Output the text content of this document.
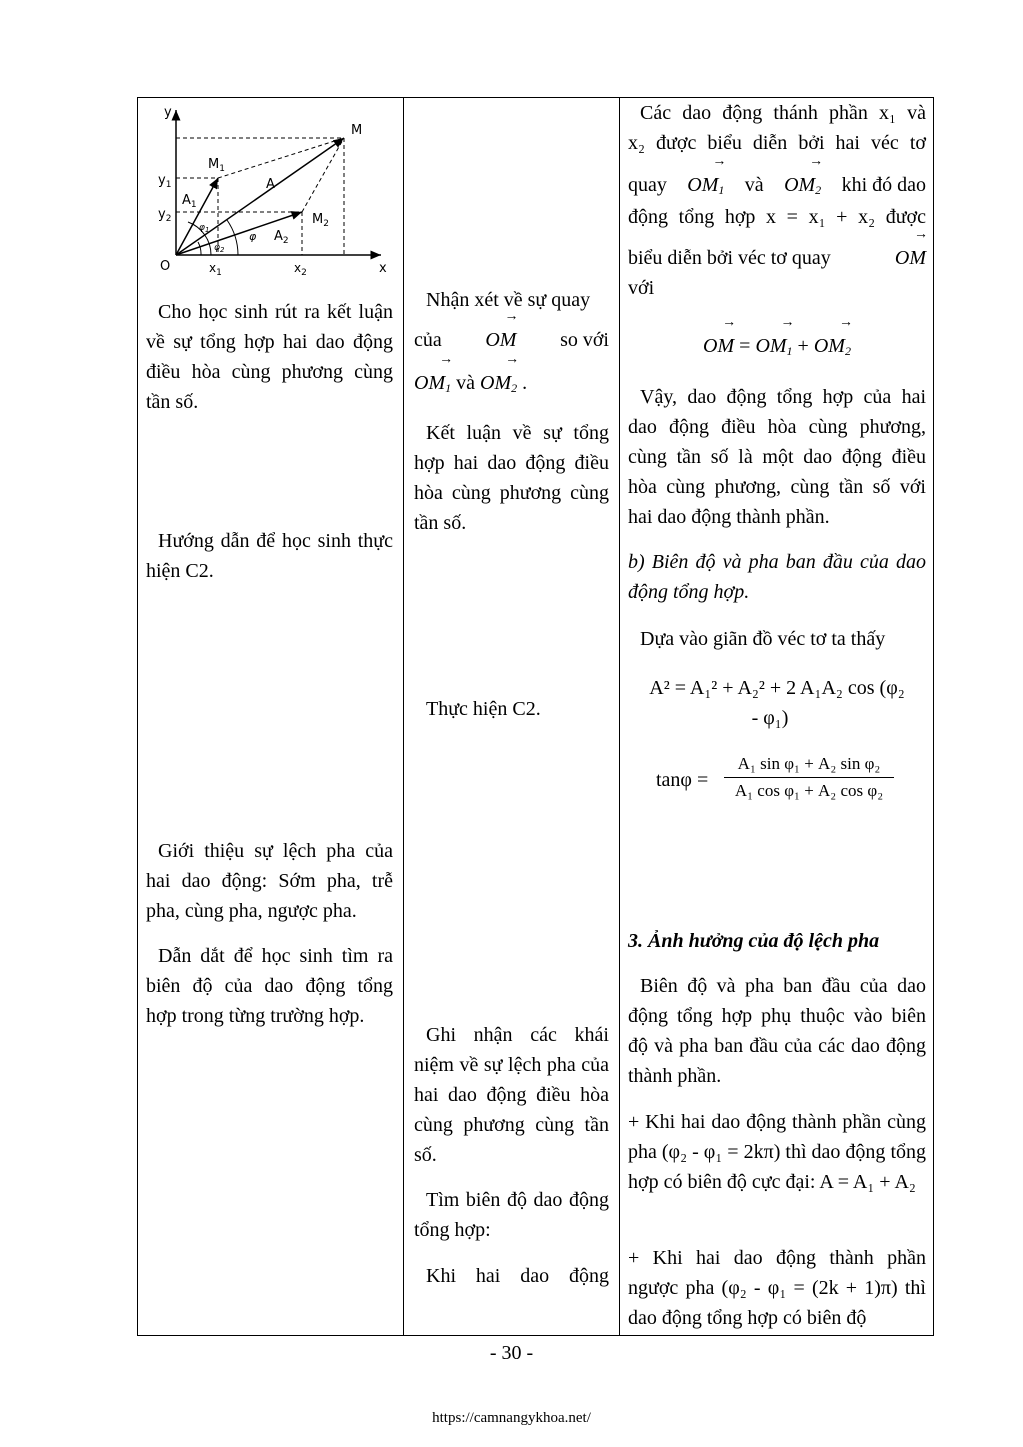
y
x
O
M
$M_1$
$M_2$
$y_1$
$y_2$
$x_1$	$x_2$
A
$A_1$
$A_2$
φ
$\varphi_1$
$\varphi_2$
Cho học sinh rút ra kết luận về sự tổng hợp hai dao động điều hòa cùng phương cùng tần số.
Hướng dẫn để học sinh thực hiện C2.
Giới thiệu sự lệch pha của hai dao động: Sớm pha, trễ pha, cùng pha, ngược pha.
Dẫn dắt để học sinh tìm ra biên độ của dao động tổng hợp trong từng trường hợp.
Nhận xét về sự quay
của → OM so với
→ $OM_1$ và → $OM_2$ .
Kết luận về sự tổng hợp hai dao động điều hòa cùng phương cùng tần số.
Thực hiện C2.
Ghi nhận các khái niệm về sự lệch pha của hai dao động điều hòa cùng phương cùng tần số.
Tìm biên độ dao động tổng hợp:
Khi hai dao động
Các dao động thánh phần x₁ và
x₂ được biểu diễn bởi hai véc tơ
quay → $OM_1$ và → $OM_2$ khi đó dao
động tổng hợp x = x₁ + x₂ được
biểu diễn bởi véc tơ quay	→ OM
với
→ OM = → $OM_1$ + → $OM_2$
Vậy, dao động tổng hợp của hai dao động điều hòa cùng phương, cùng tần số là một dao động điều hòa cùng phương, cùng tần số với hai dao động thành phần.
b) Biên độ và pha ban đầu của dao động tổng hợp.
Dựa vào giãn đồ véc tơ ta thấy
A² = A₁² + A₂² + 2 A₁A₂ cos (φ₂
- φ₁)
tanφ =
A₁ sin φ₁ + A₂ sin φ₂
A₁ cos φ₁ + A₂ cos φ₂
3. Ảnh hưởng của độ lệch pha
Biên độ và pha ban đầu của dao động tổng hợp phụ thuộc vào biên độ và pha ban đầu của các dao động thành phần.
+ Khi hai dao động thành phần cùng pha (φ₂ - φ₁ = 2kπ) thì dao động tổng hợp có biên độ cực đại: A = A₁ + A₂
+ Khi hai dao động thành phần ngược pha (φ₂ - φ₁ = (2k + 1)π) thì dao động tổng hợp có biên độ
- 30 -
https://camnangykhoa.net/
